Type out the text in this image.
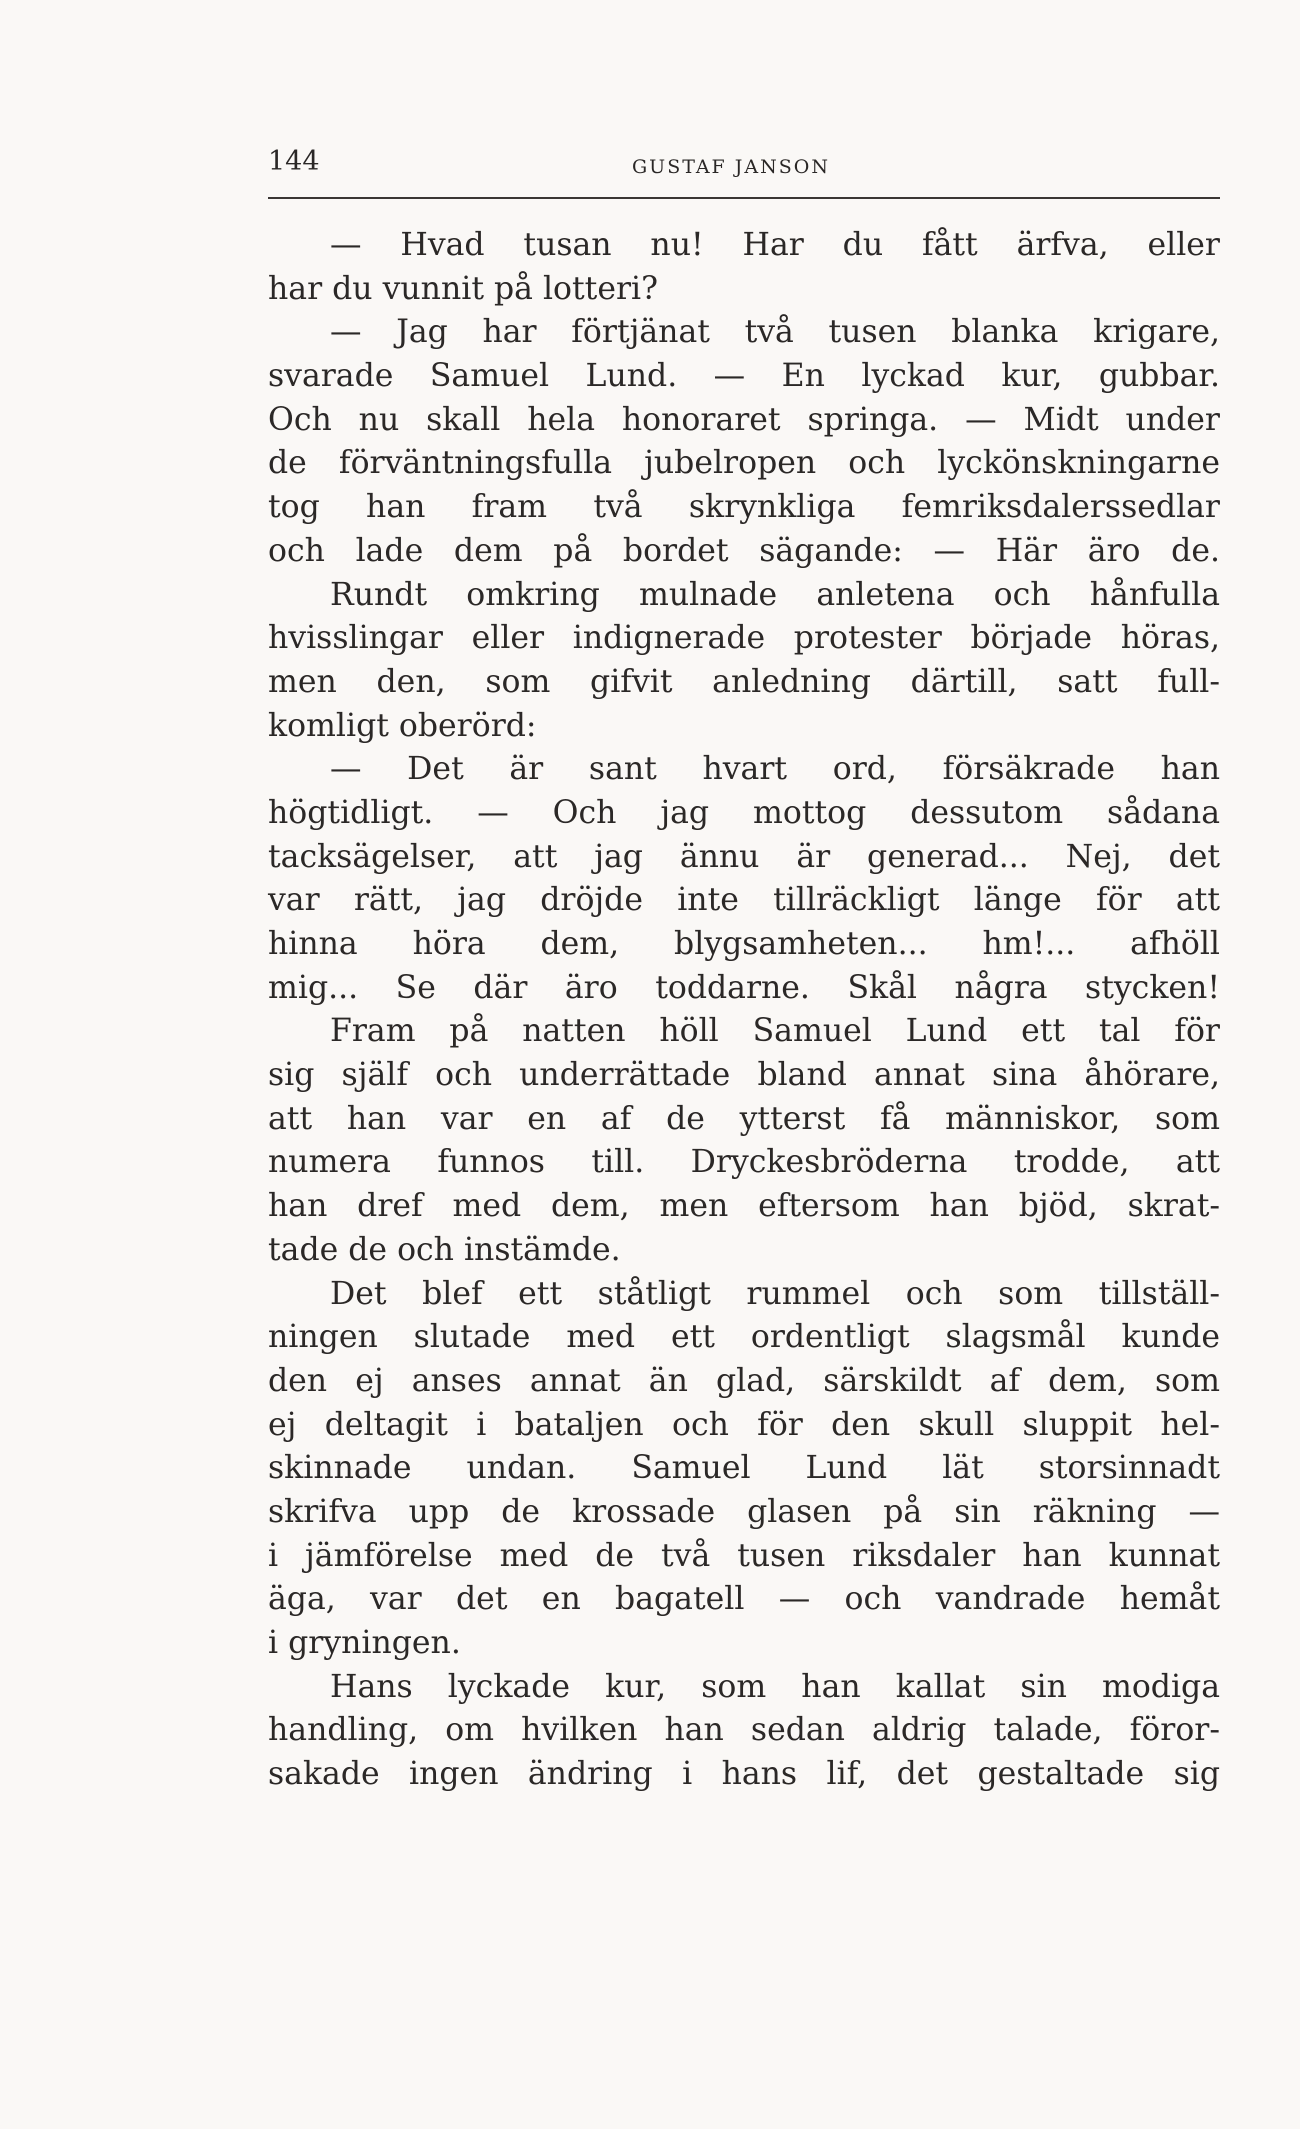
144	GUSTAF JANSON
— Hvad tusan nu! Har du fått ärfva, eller
har du vunnit på lotteri?
— Jag har förtjänat två tusen blanka krigare,
svarade Samuel Lund. — En lyckad kur, gubbar.
Och nu skall hela honoraret springa. — Midt under
de förväntningsfulla jubelropen och lyckönskningarne
tog han fram två skrynkliga femriksdalerssedlar
och lade dem på bordet sägande: — Här äro de.
Rundt omkring mulnade anletena och hånfulla
hvisslingar eller indignerade protester började höras,
men den, som gifvit anledning därtill, satt full-
komligt oberörd:
— Det är sant hvart ord, försäkrade han
högtidligt. — Och jag mottog dessutom sådana
tacksägelser, att jag ännu är generad... Nej, det
var rätt, jag dröjde inte tillräckligt länge för att
hinna höra dem, blygsamheten... hm!... afhöll
mig... Se där äro toddarne. Skål några stycken!
Fram på natten höll Samuel Lund ett tal för
sig själf och underrättade bland annat sina åhörare,
att han var en af de ytterst få människor, som
numera funnos till. Dryckesbröderna trodde, att
han dref med dem, men eftersom han bjöd, skrat-
tade de och instämde.
Det blef ett ståtligt rummel och som tillställ-
ningen slutade med ett ordentligt slagsmål kunde
den ej anses annat än glad, särskildt af dem, som
ej deltagit i bataljen och för den skull sluppit hel-
skinnade undan. Samuel Lund lät storsinnadt
skrifva upp de krossade glasen på sin räkning —
i jämförelse med de två tusen riksdaler han kunnat
äga, var det en bagatell — och vandrade hemåt
i gryningen.
Hans lyckade kur, som han kallat sin modiga
handling, om hvilken han sedan aldrig talade, föror-
sakade ingen ändring i hans lif, det gestaltade sig
